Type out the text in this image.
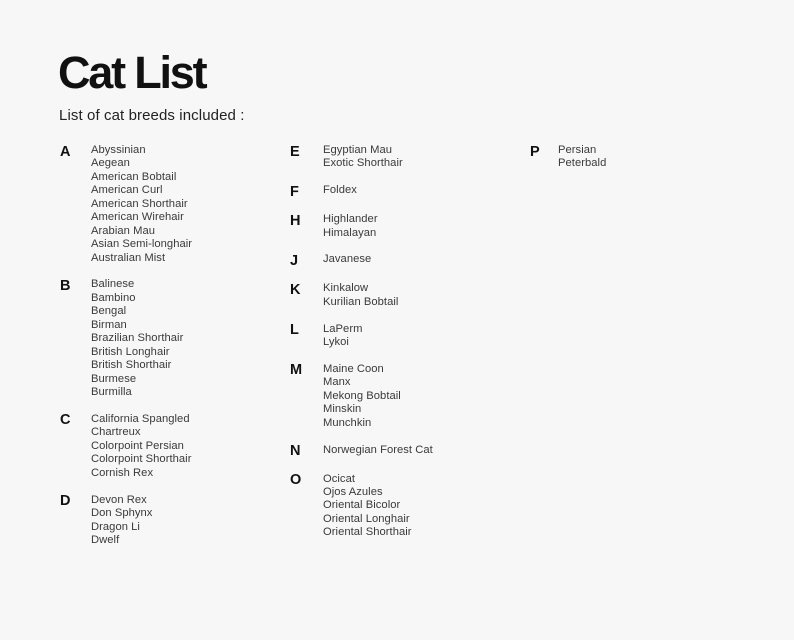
Cat List

List of cat breeds included :

A	Abyssinian
Aegean
American Bobtail
American Curl
American Shorthair
American Wirehair
Arabian Mau
Asian Semi-longhair
Australian Mist
B	Balinese
Bambino
Bengal
Birman
Brazilian Shorthair
British Longhair
British Shorthair
Burmese
Burmilla
C	California Spangled
Chartreux
Colorpoint Persian
Colorpoint Shorthair
Cornish Rex
D	Devon Rex
Don Sphynx
Dragon Li
Dwelf
E	Egyptian Mau
Exotic Shorthair
F	Foldex
H	Highlander
Himalayan
J	Javanese
K	Kinkalow
Kurilian Bobtail
L	LaPerm
Lykoi
M	Maine Coon
Manx
Mekong Bobtail
Minskin
Munchkin
N	Norwegian Forest Cat
O	Ocicat
Ojos Azules
Oriental Bicolor
Oriental Longhair
Oriental Shorthair
P	Persian
Peterbald
